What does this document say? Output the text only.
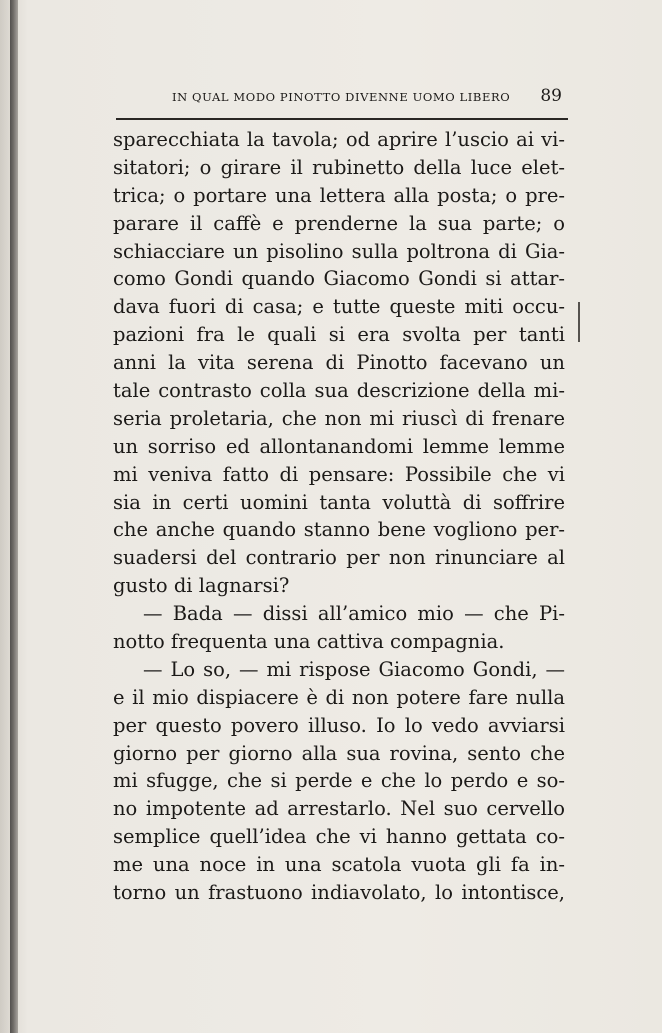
IN QUAL MODO PINOTTO DIVENNE UOMO LIBERO 89
sparecchiata la tavola; od aprire l’uscio ai vi-
sitatori; o girare il rubinetto della luce elet-
trica; o portare una lettera alla posta; o pre-
parare il caffè e prenderne la sua parte; o
schiacciare un pisolino sulla poltrona di Gia-
como Gondi quando Giacomo Gondi si attar-
dava fuori di casa; e tutte queste miti occu-
pazioni fra le quali si era svolta per tanti
anni la vita serena di Pinotto facevano un
tale contrasto colla sua descrizione della mi-
seria proletaria, che non mi riuscì di frenare
un sorriso ed allontanandomi lemme lemme
mi veniva fatto di pensare: Possibile che vi
sia in certi uomini tanta voluttà di soffrire
che anche quando stanno bene vogliono per-
suadersi del contrario per non rinunciare al
gusto di lagnarsi?
— Bada — dissi all’amico mio — che Pi-
notto frequenta una cattiva compagnia.
— Lo so, — mi rispose Giacomo Gondi, —
e il mio dispiacere è di non potere fare nulla
per questo povero illuso. Io lo vedo avviarsi
giorno per giorno alla sua rovina, sento che
mi sfugge, che si perde e che lo perdo e so-
no impotente ad arrestarlo. Nel suo cervello
semplice quell’idea che vi hanno gettata co-
me una noce in una scatola vuota gli fa in-
torno un frastuono indiavolato, lo intontisce,
